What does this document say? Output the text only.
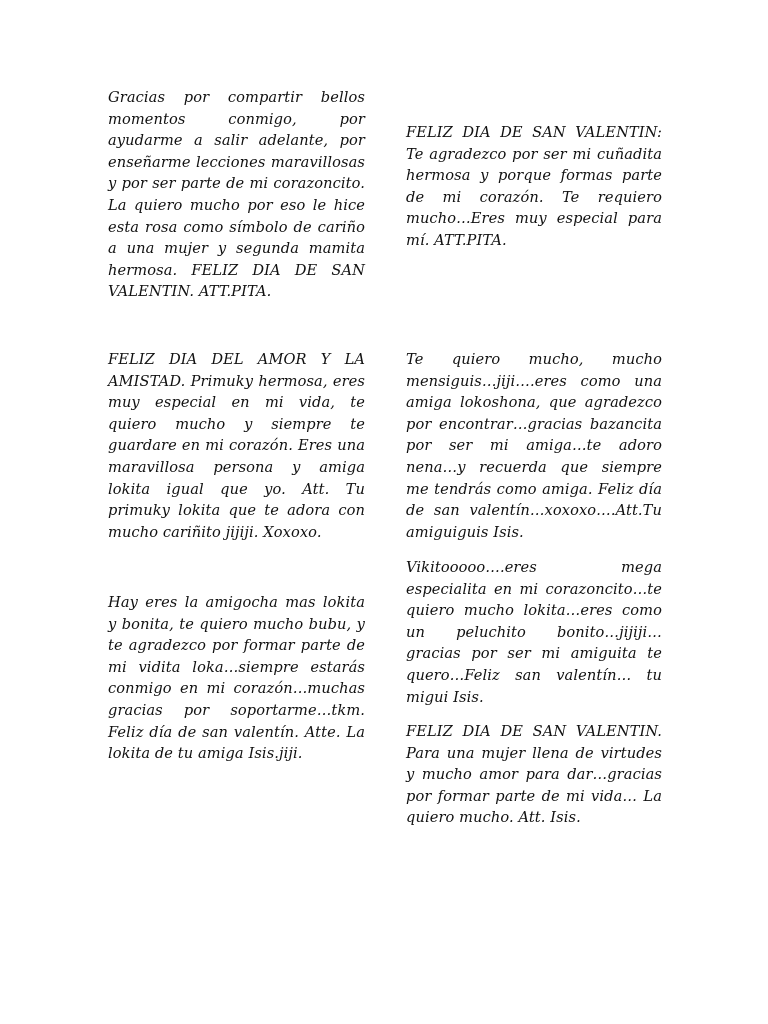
Gracias por compartir bellos momentos conmigo, por ayudarme a salir adelante, por enseñarme lecciones maravillosas y por ser parte de mi corazoncito. La quiero mucho por eso le hice esta rosa como símbolo de cariño a una mujer y segunda mamita hermosa. FELIZ DIA DE SAN VALENTIN. ATT.PITA.

FELIZ DIA DE SAN VALENTIN: Te agradezco por ser mi cuñadita hermosa y porque formas parte de mi corazón. Te requiero mucho…Eres muy especial para mí. ATT.PITA.

FELIZ DIA DEL AMOR Y LA AMISTAD. Primuky hermosa, eres muy especial en mi vida, te quiero mucho y siempre te guardare en mi corazón. Eres una maravillosa persona y amiga lokita igual que yo. Att. Tu primuky lokita que te adora con mucho cariñito jijiji. Xoxoxo.

Te quiero mucho, mucho mensiguis…jiji….eres como una amiga lokoshona, que agradezco por encontrar…gracias bazancita por ser mi amiga…te adoro nena…y recuerda que siempre me tendrás como amiga. Feliz día de san valentín…xoxoxo….Att.Tu amiguiguis Isis.

Vikitooooo….eres mega especialita en mi corazoncito…te quiero mucho lokita…eres como un peluchito bonito…jijiji…gracias por ser mi amiguita te quero…Feliz san valentín… tu migui Isis.

Hay eres la amigocha mas lokita y bonita, te quiero mucho bubu, y te agradezco por formar parte de mi vidita loka…siempre estarás conmigo en mi corazón…muchas gracias por soportarme…tkm. Feliz día de san valentín. Atte. La lokita de tu amiga Isis.jiji.

FELIZ DIA DE SAN VALENTIN. Para una mujer llena de virtudes y mucho amor para dar…gracias por formar parte de mi vida… La quiero mucho. Att. Isis.
